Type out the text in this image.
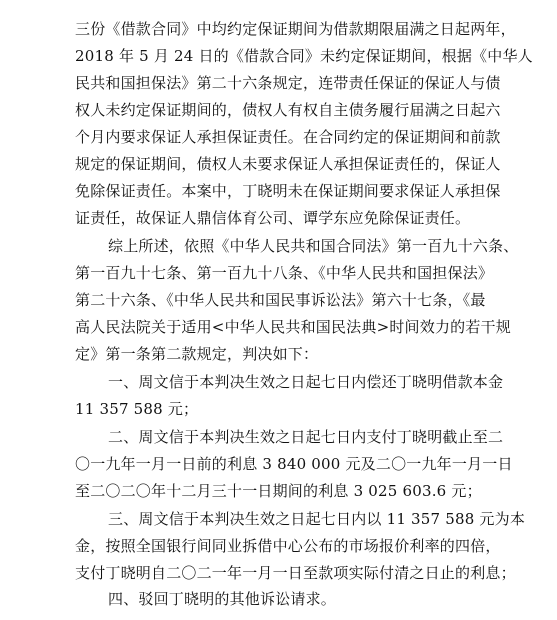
三份《借款合同》中均约定保证期间为借款期限届满之日起两年，
2018 年 5 月 24 日的《借款合同》未约定保证期间，根据《中华人
民共和国担保法》第二十六条规定，连带责任保证的保证人与债
权人未约定保证期间的，债权人有权自主债务履行届满之日起六
个月内要求保证人承担保证责任。在合同约定的保证期间和前款
规定的保证期间，债权人未要求保证人承担保证责任的，保证人
免除保证责任。本案中，丁晓明未在保证期间要求保证人承担保
证责任，故保证人鼎信体育公司、谭学东应免除保证责任。
综上所述，依照《中华人民共和国合同法》第一百九十六条、
第一百九十七条、第一百九十八条、《中华人民共和国担保法》
第二十六条、《中华人民共和国民事诉讼法》第六十七条，《最
高人民法院关于适用<中华人民共和国民法典>时间效力的若干规
定》第一条第二款规定，判决如下：
一、周文信于本判决生效之日起七日内偿还丁晓明借款本金
11 357 588 元；
二、周文信于本判决生效之日起七日内支付丁晓明截止至二
〇一九年一月一日前的利息 3 840 000 元及二〇一九年一月一日
至二〇二〇年十二月三十一日期间的利息 3 025 603.6 元；
三、周文信于本判决生效之日起七日内以 11 357 588 元为本
金，按照全国银行间同业拆借中心公布的市场报价利率的四倍，
支付丁晓明自二〇二一年一月一日至款项实际付清之日止的利息；
四、驳回丁晓明的其他诉讼请求。
